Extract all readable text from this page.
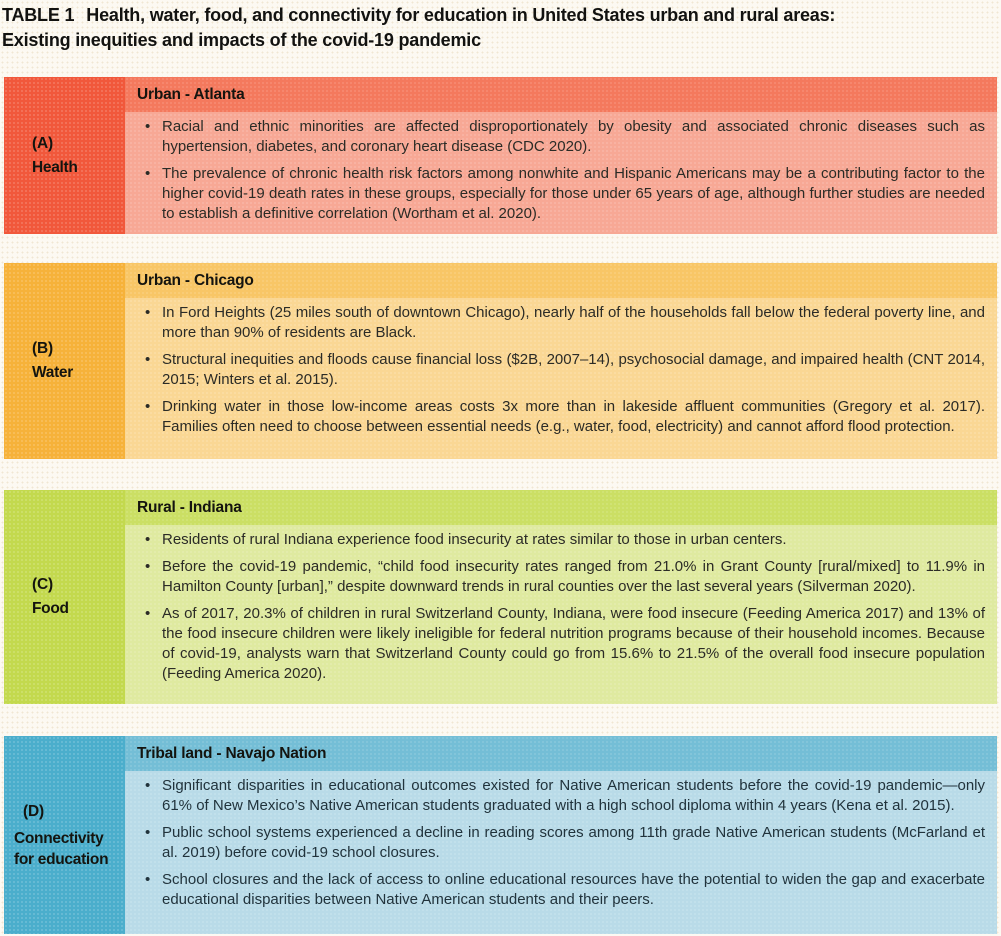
TABLE 1 Health, water, food, and connectivity for education in United States urban and rural areas:
Existing inequities and impacts of the covid-19 pandemic
(A)
Health
Urban - Atlanta
• Racial and ethnic minorities are affected disproportionately by obesity and associated chronic diseases such as hypertension, diabetes, and coronary heart disease (CDC 2020).
• The prevalence of chronic health risk factors among nonwhite and Hispanic Americans may be a contributing factor to the higher covid-19 death rates in these groups, especially for those under 65 years of age, although further studies are needed to establish a definitive correlation (Wortham et al. 2020).
(B)
Water
Urban - Chicago
• In Ford Heights (25 miles south of downtown Chicago), nearly half of the households fall below the federal poverty line, and more than 90% of residents are Black.
• Structural inequities and floods cause financial loss ($2B, 2007–14), psychosocial damage, and impaired health (CNT 2014, 2015; Winters et al. 2015).
• Drinking water in those low-income areas costs 3x more than in lakeside affluent communities (Gregory et al. 2017). Families often need to choose between essential needs (e.g., water, food, electricity) and cannot afford flood protection.
(C)
Food
Rural - Indiana
• Residents of rural Indiana experience food insecurity at rates similar to those in urban centers.
• Before the covid-19 pandemic, “child food insecurity rates ranged from 21.0% in Grant County [rural/mixed] to 11.9% in Hamilton County [urban],” despite downward trends in rural counties over the last several years (Silverman 2020).
• As of 2017, 20.3% of children in rural Switzerland County, Indiana, were food insecure (Feeding America 2017) and 13% of the food insecure children were likely ineligible for federal nutrition programs because of their household incomes. Because of covid-19, analysts warn that Switzerland County could go from 15.6% to 21.5% of the overall food insecure population (Feeding America 2020).
(D)
Connectivity for education
Tribal land - Navajo Nation
• Significant disparities in educational outcomes existed for Native American students before the covid-19 pandemic—only 61% of New Mexico’s Native American students graduated with a high school diploma within 4 years (Kena et al. 2015).
• Public school systems experienced a decline in reading scores among 11th grade Native American students (McFarland et al. 2019) before covid-19 school closures.
• School closures and the lack of access to online educational resources have the potential to widen the gap and exacerbate educational disparities between Native American students and their peers.
